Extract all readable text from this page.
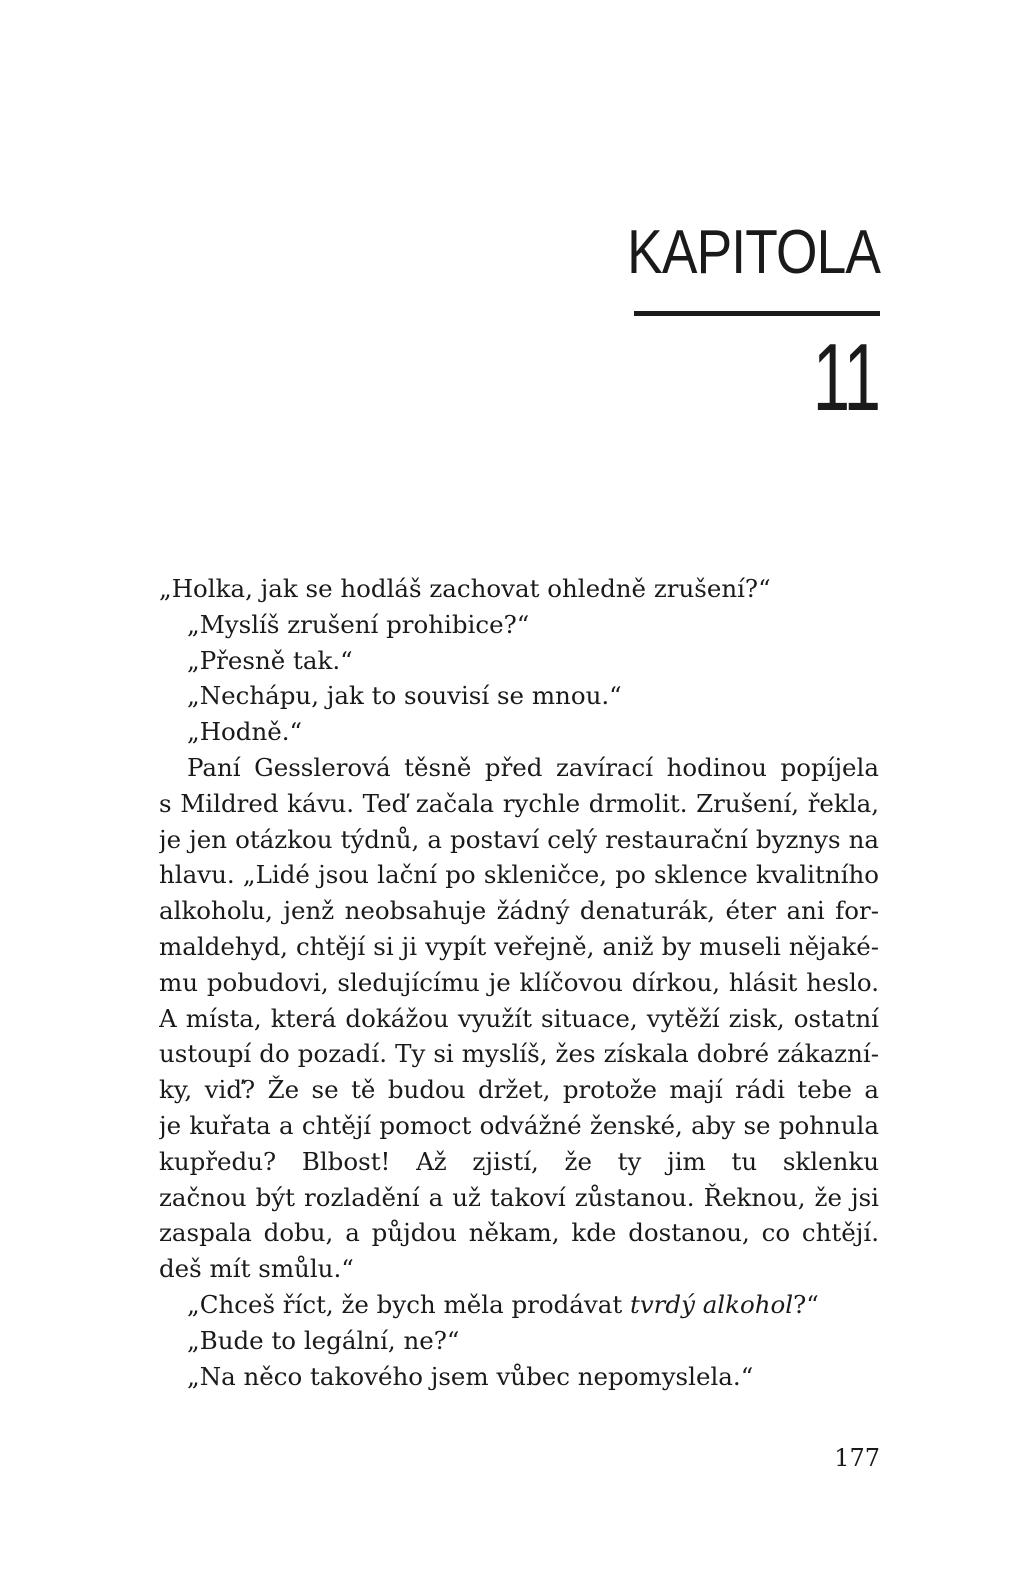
KAPITOLA
11
„Holka, jak se hodláš zachovat ohledně zrušení?“
„Myslíš zrušení prohibice?“
„Přesně tak.“
„Nechápu, jak to souvisí se mnou.“
„Hodně.“
Paní Gesslerová těsně před zavírací hodinou popíjela
s Mildred kávu. Teď začala rychle drmolit. Zrušení, řekla,
je jen otázkou týdnů, a postaví celý restaurační byznys na
hlavu. „Lidé jsou lační po skleničce, po sklence kvalitního
alkoholu, jenž neobsahuje žádný denaturák, éter ani for-
maldehyd, chtějí si ji vypít veřejně, aniž by museli nějaké-
mu pobudovi, sledujícímu je klíčovou dírkou, hlásit heslo.
A místa, která dokážou využít situace, vytěží zisk, ostatní
ustoupí do pozadí. Ty si myslíš, žes získala dobré zákazní-
ky, viď? Že se tě budou držet, protože mají rádi tebe a
je kuřata a chtějí pomoct odvážné ženské, aby se pohnula
kupředu? Blbost! Až zjistí, že ty jim tu sklenku
začnou být rozladění a už takoví zůstanou. Řeknou, že jsi
zaspala dobu, a půjdou někam, kde dostanou, co chtějí.
deš mít smůlu.“
„Chceš říct, že bych měla prodávat tvrdý alkohol?“
„Bude to legální, ne?“
„Na něco takového jsem vůbec nepomyslela.“
177
